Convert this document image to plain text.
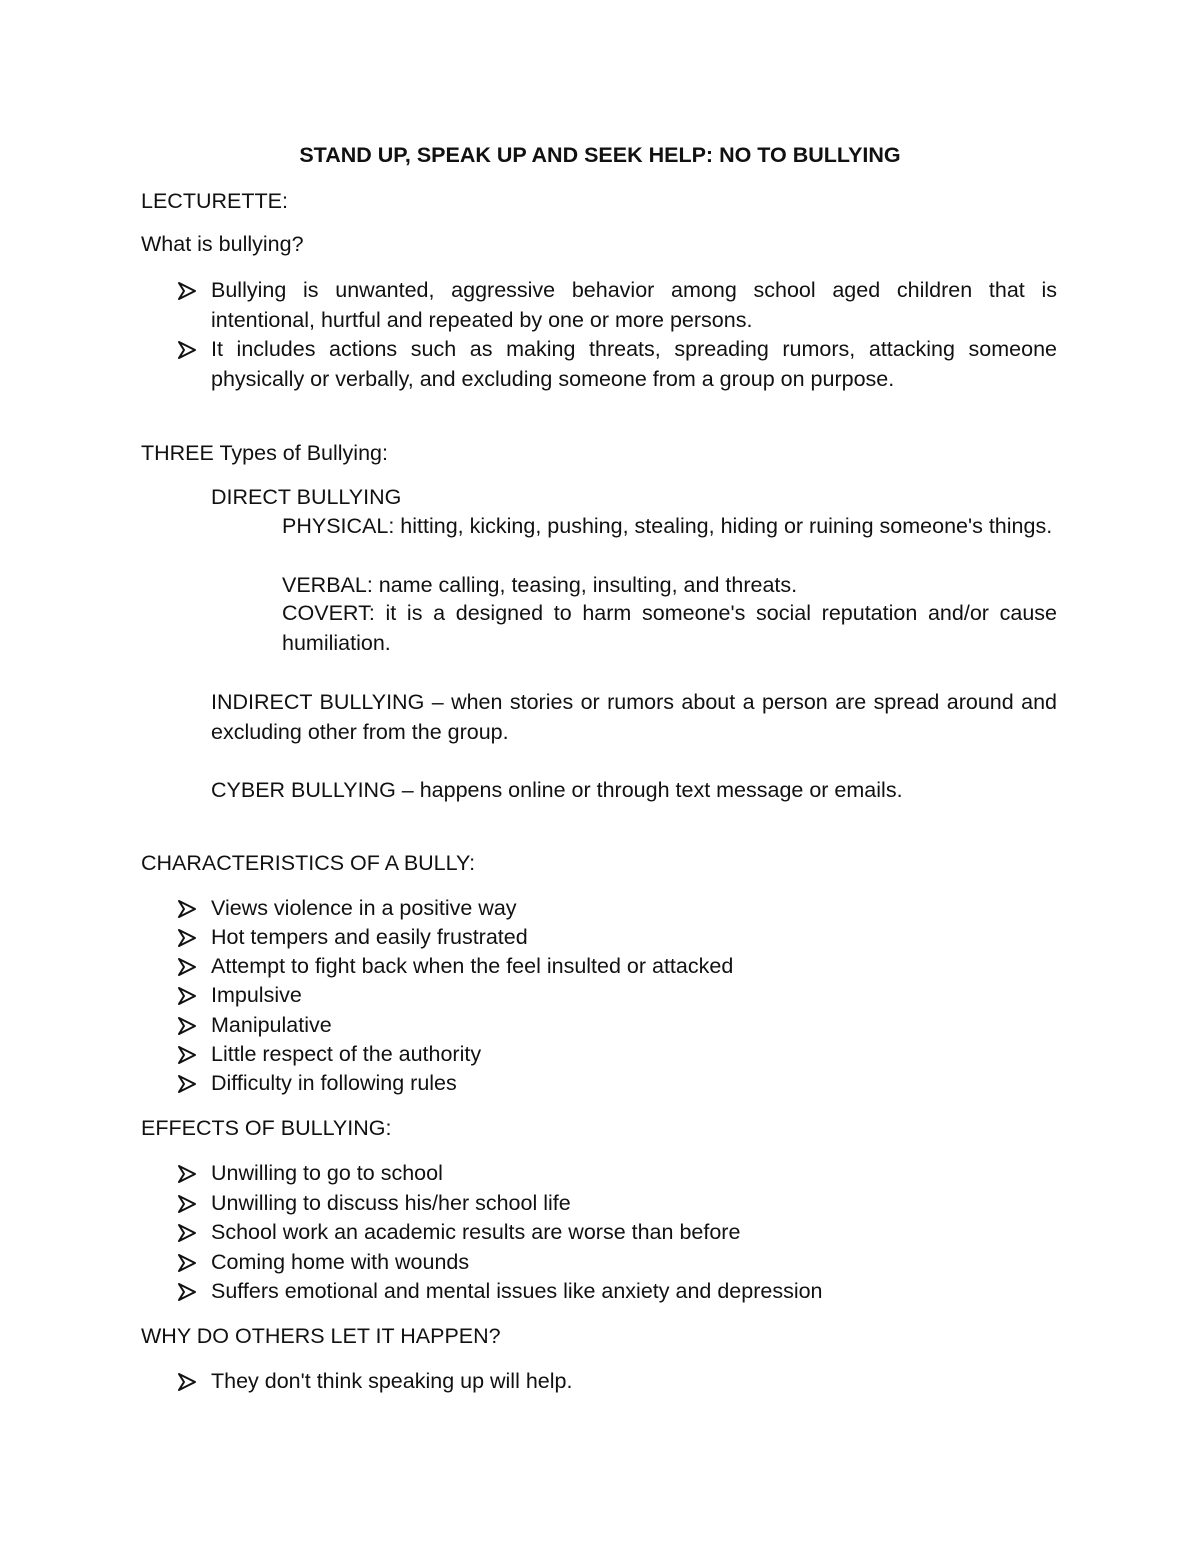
STAND UP, SPEAK UP AND SEEK HELP: NO TO BULLYING
LECTURETTE:
What is bullying?
Bullying is unwanted, aggressive behavior among school aged children that is intentional, hurtful and repeated by one or more persons.
It includes actions such as making threats, spreading rumors, attacking someone physically or verbally, and excluding someone from a group on purpose.
THREE Types of Bullying:
DIRECT BULLYING
PHYSICAL: hitting, kicking, pushing, stealing, hiding or ruining someone's things.
VERBAL: name calling, teasing, insulting, and threats.
COVERT: it is a designed to harm someone's social reputation and/or cause humiliation.
INDIRECT BULLYING – when stories or rumors about a person are spread around and excluding other from the group.
CYBER BULLYING – happens online or through text message or emails.
CHARACTERISTICS OF A BULLY:
Views violence in a positive way
Hot tempers and easily frustrated
Attempt to fight back when the feel insulted or attacked
Impulsive
Manipulative
Little respect of the authority
Difficulty in following rules
EFFECTS OF BULLYING:
Unwilling to go to school
Unwilling to discuss his/her school life
School work an academic results are worse than before
Coming home with wounds
Suffers emotional and mental issues like anxiety and depression
WHY DO OTHERS LET IT HAPPEN?
They don't think speaking up will help.
